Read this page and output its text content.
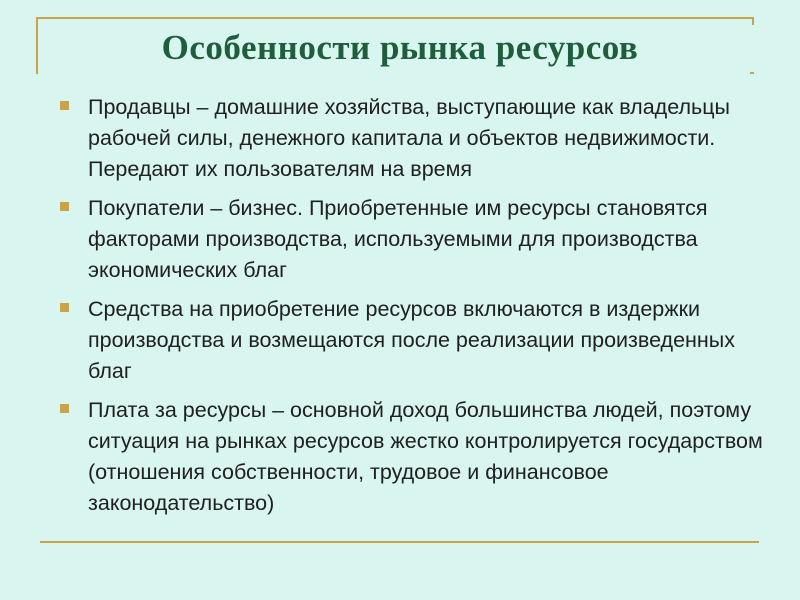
Особенности рынка ресурсов
Продавцы – домашние хозяйства, выступающие как владельцы рабочей силы, денежного капитала и объектов недвижимости. Передают их пользователям на время
Покупатели – бизнес. Приобретенные им ресурсы становятся факторами производства, используемыми для производства экономических благ
Средства на приобретение ресурсов включаются в издержки производства и возмещаются после реализации произведенных благ
Плата за ресурсы – основной доход большинства людей, поэтому ситуация на рынках ресурсов жестко контролируется государством (отношения собственности, трудовое и финансовое законодательство)
